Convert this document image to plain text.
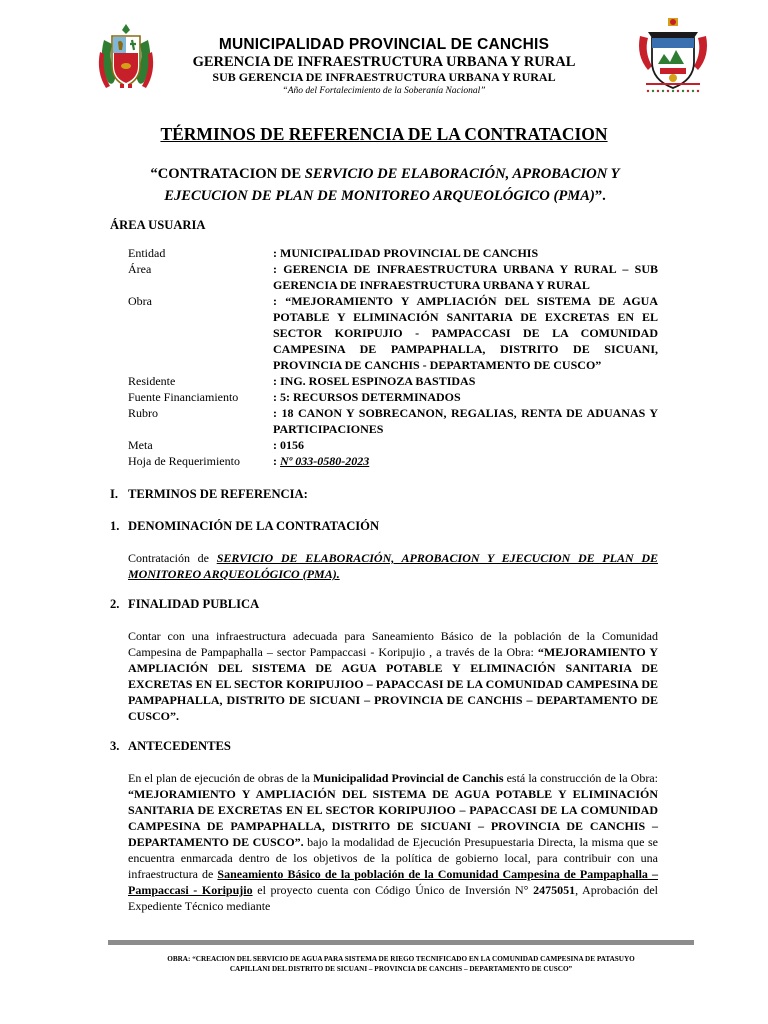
MUNICIPALIDAD PROVINCIAL DE CANCHIS
GERENCIA DE INFRAESTRUCTURA URBANA Y RURAL
SUB GERENCIA DE INFRAESTRUCTURA URBANA Y RURAL
“Año del Fortalecimiento de la Soberanía Nacional”
TÉRMINOS DE REFERENCIA DE LA CONTRATACION
“CONTRATACION DE SERVICIO DE ELABORACIÓN, APROBACION Y EJECUCION DE PLAN DE MONITOREO ARQUEOLÓGICO (PMA)”.
ÁREA USUARIA
Entidad	: MUNICIPALIDAD PROVINCIAL DE CANCHIS
Área	: GERENCIA DE INFRAESTRUCTURA URBANA Y RURAL – SUB GERENCIA DE INFRAESTRUCTURA URBANA Y RURAL
Obra	: “MEJORAMIENTO Y AMPLIACIÓN DEL SISTEMA DE AGUA POTABLE Y ELIMINACIÓN SANITARIA DE EXCRETAS EN EL SECTOR KORIPUJIO - PAMPACCASI DE LA COMUNIDAD CAMPESINA DE PAMPAPHALLA, DISTRITO DE SICUANI, PROVINCIA DE CANCHIS - DEPARTAMENTO DE CUSCO”
Residente	: ING. ROSEL ESPINOZA BASTIDAS
Fuente Financiamiento	: 5: RECURSOS DETERMINADOS
Rubro	: 18 CANON Y SOBRECANON, REGALIAS, RENTA DE ADUANAS Y PARTICIPACIONES
Meta	: 0156
Hoja de Requerimiento	: Nº 033-0580-2023
I. TERMINOS DE REFERENCIA:
1. DENOMINACIÓN DE LA CONTRATACIÓN
Contratación de SERVICIO DE ELABORACIÓN, APROBACION Y EJECUCION DE PLAN DE MONITOREO ARQUEOLÓGICO (PMA).
2. FINALIDAD PUBLICA
Contar con una infraestructura adecuada para Saneamiento Básico de la población de la Comunidad Campesina de Pampaphalla – sector Pampaccasi - Koripujio , a través de la Obra: “MEJORAMIENTO Y AMPLIACIÓN DEL SISTEMA DE AGUA POTABLE Y ELIMINACIÓN SANITARIA DE EXCRETAS EN EL SECTOR KORIPUJIOO – PAPACCASI DE LA COMUNIDAD CAMPESINA DE PAMPAPHALLA, DISTRITO DE SICUANI – PROVINCIA DE CANCHIS – DEPARTAMENTO DE CUSCO”.
3. ANTECEDENTES
En el plan de ejecución de obras de la Municipalidad Provincial de Canchis está la construcción de la Obra: “MEJORAMIENTO Y AMPLIACIÓN DEL SISTEMA DE AGUA POTABLE Y ELIMINACIÓN SANITARIA DE EXCRETAS EN EL SECTOR KORIPUJIOO – PAPACCASI DE LA COMUNIDAD CAMPESINA DE PAMPAPHALLA, DISTRITO DE SICUANI – PROVINCIA DE CANCHIS – DEPARTAMENTO DE CUSCO”. bajo la modalidad de Ejecución Presupuestaria Directa, la misma que se encuentra enmarcada dentro de los objetivos de la política de gobierno local, para contribuir con una infraestructura de Saneamiento Básico de la población de la Comunidad Campesina de Pampaphalla – Pampaccasi - Koripujio el proyecto cuenta con Código Único de Inversión N° 2475051, Aprobación del Expediente Técnico mediante
OBRA: “CREACION DEL SERVICIO DE AGUA PARA SISTEMA DE RIEGO TECNIFICADO EN LA COMUNIDAD CAMPESINA DE PATASUYO
CAPILLANI DEL DISTRITO DE SICUANI – PROVINCIA DE CANCHIS – DEPARTAMENTO DE CUSCO”
